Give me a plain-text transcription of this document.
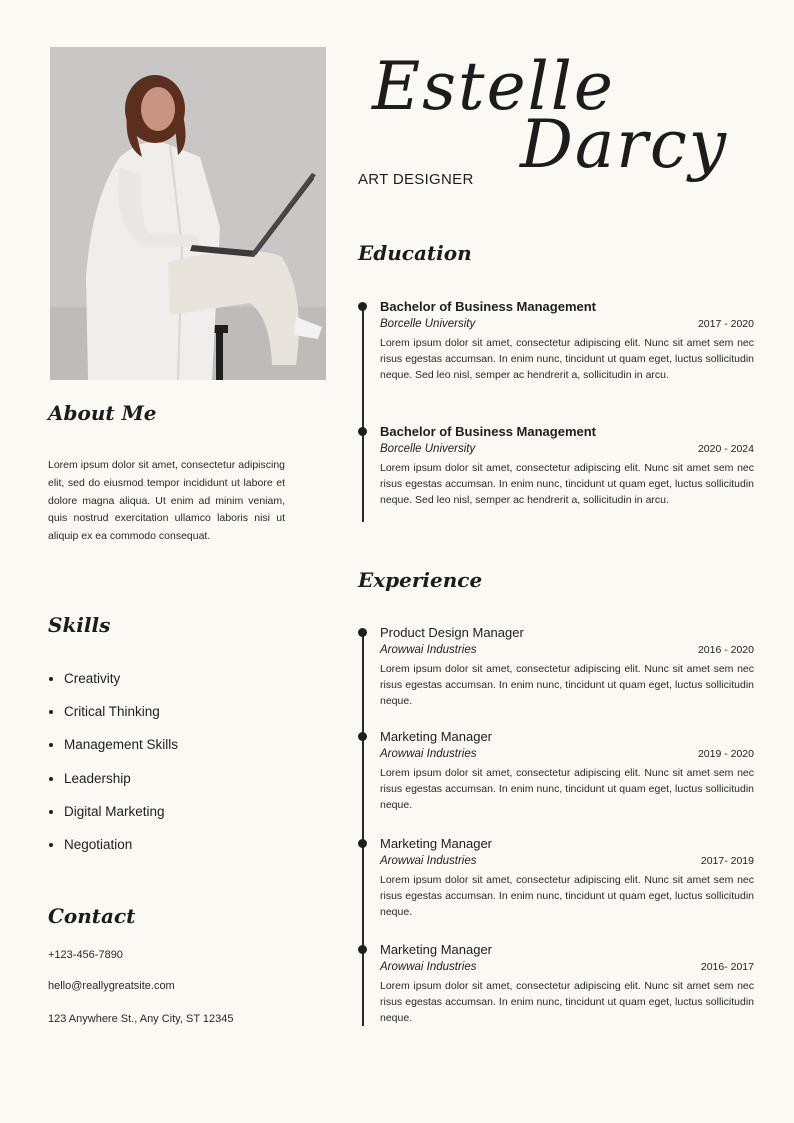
Estelle
Darcy
ART DESIGNER
About Me
Lorem ipsum dolor sit amet, consectetur adipiscing elit, sed do eiusmod tempor incididunt ut labore et dolore magna aliqua. Ut enim ad minim veniam, quis nostrud exercitation ullamco laboris nisi ut aliquip ex ea commodo consequat.
Skills
Creativity
Critical Thinking
Management Skills
Leadership
Digital Marketing
Negotiation
Contact
+123-456-7890
hello@reallygreatsite.com
123 Anywhere St., Any City, ST 12345
Education
Bachelor of Business Management
Borcelle University	2017 - 2020
Lorem ipsum dolor sit amet, consectetur adipiscing elit. Nunc sit amet sem nec risus egestas accumsan. In enim nunc, tincidunt ut quam eget, luctus sollicitudin neque. Sed leo nisl, semper ac hendrerit a, sollicitudin in arcu.
Bachelor of Business Management
Borcelle University	2020 - 2024
Lorem ipsum dolor sit amet, consectetur adipiscing elit. Nunc sit amet sem nec risus egestas accumsan. In enim nunc, tincidunt ut quam eget, luctus sollicitudin neque. Sed leo nisl, semper ac hendrerit a, sollicitudin in arcu.
Experience
Product Design Manager
Arowwai Industries	2016 - 2020
Lorem ipsum dolor sit amet, consectetur adipiscing elit. Nunc sit amet sem nec risus egestas accumsan. In enim nunc, tincidunt ut quam eget, luctus sollicitudin neque.
Marketing Manager
Arowwai Industries	2019 - 2020
Lorem ipsum dolor sit amet, consectetur adipiscing elit. Nunc sit amet sem nec risus egestas accumsan. In enim nunc, tincidunt ut quam eget, luctus sollicitudin neque.
Marketing Manager
Arowwai Industries	2017- 2019
Lorem ipsum dolor sit amet, consectetur adipiscing elit. Nunc sit amet sem nec risus egestas accumsan. In enim nunc, tincidunt ut quam eget, luctus sollicitudin neque.
Marketing Manager
Arowwai Industries	2016- 2017
Lorem ipsum dolor sit amet, consectetur adipiscing elit. Nunc sit amet sem nec risus egestas accumsan. In enim nunc, tincidunt ut quam eget, luctus sollicitudin neque.
